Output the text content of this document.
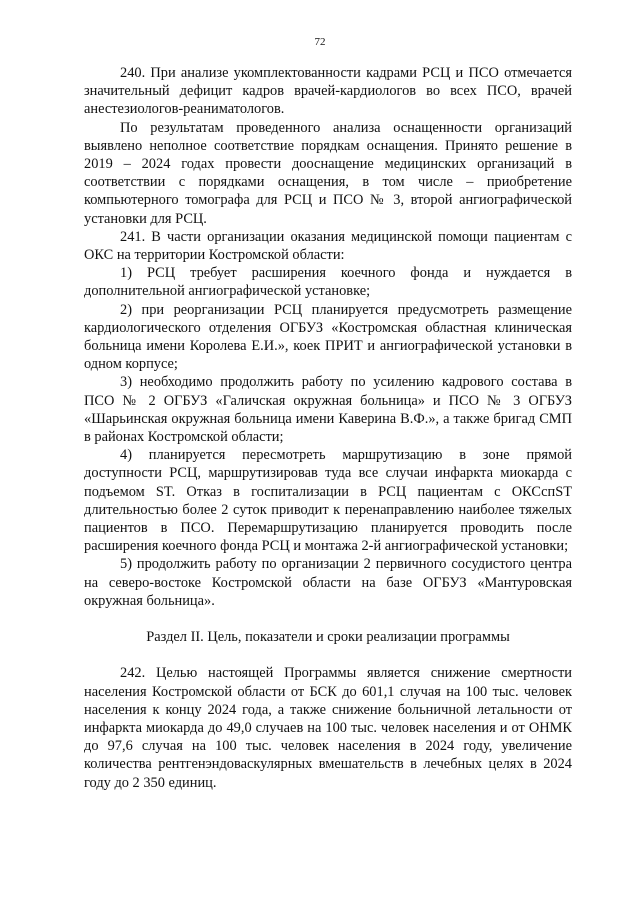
72

240. При анализе укомплектованности кадрами РСЦ и ПСО отмечается значительный дефицит кадров врачей-кардиологов во всех ПСО, врачей анестезиологов-реаниматологов.

По результатам проведенного анализа оснащенности организаций выявлено неполное соответствие порядкам оснащения. Принято решение в 2019 – 2024 годах провести дооснащение медицинских организаций в соответствии с порядками оснащения, в том числе – приобретение компьютерного томографа для РСЦ и ПСО № 3, второй ангиографической установки для РСЦ.

241. В части организации оказания медицинской помощи пациентам с ОКС на территории Костромской области:

1) РСЦ требует расширения коечного фонда и нуждается в дополнительной ангиографической установке;

2) при реорганизации РСЦ планируется предусмотреть размещение кардиологического отделения ОГБУЗ «Костромская областная клиническая больница имени Королева Е.И.», коек ПРИТ и ангиографической установки в одном корпусе;

3) необходимо продолжить работу по усилению кадрового состава в ПСО № 2 ОГБУЗ «Галичская окружная больница» и ПСО № 3 ОГБУЗ «Шарьинская окружная больница имени Каверина В.Ф.», а также бригад СМП в районах Костромской области;

4) планируется пересмотреть маршрутизацию в зоне прямой доступности РСЦ, маршрутизировав туда все случаи инфаркта миокарда с подъемом ST. Отказ в госпитализации в РСЦ пациентам с ОКСспST длительностью более 2 суток приводит к перенаправлению наиболее тяжелых пациентов в ПСО. Перемаршрутизацию планируется проводить после расширения коечного фонда РСЦ и монтажа 2-й ангиографической установки;

5) продолжить работу по организации 2 первичного сосудистого центра на северо-востоке Костромской области на базе ОГБУЗ «Мантуровская окружная больница».

Раздел II. Цель, показатели и сроки реализации программы

242. Целью настоящей Программы является снижение смертности населения Костромской области от БСК до 601,1 случая на 100 тыс. человек населения к концу 2024 года, а также снижение больничной летальности от инфаркта миокарда до 49,0 случаев на 100 тыс. человек населения и от ОНМК до 97,6 случая на 100 тыс. человек населения в 2024 году, увеличение количества рентгенэндоваскулярных вмешательств в лечебных целях в 2024 году до 2 350 единиц.
